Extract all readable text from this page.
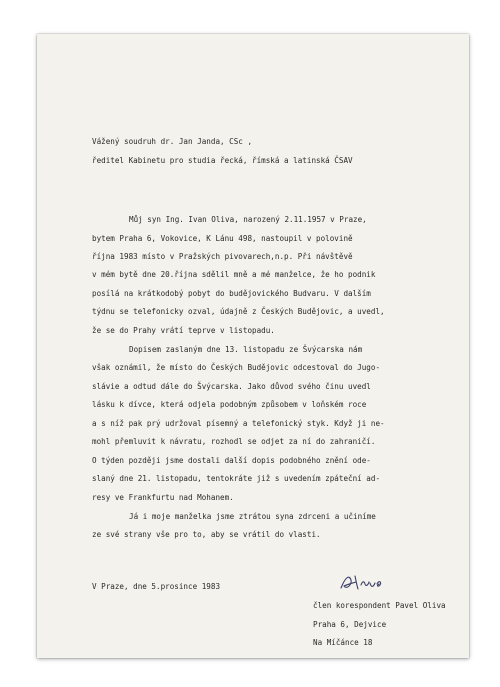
Vážený soudruh dr. Jan Janda, CSc ,
ředitel Kabinetu pro studia řecká, římská a latinská ČSAV
Můj syn Ing. Ivan Oliva, narozený 2.11.1957 v Praze,
bytem Praha 6, Vokovice, K Lánu 498, nastoupil v polovině
října 1983 místo v Pražských pivovarech,n.p. Při návštěvě
v mém bytě dne 20.října sdělil mně a mé manželce, že ho podnik
posílá na krátkodobý pobyt do budějovického Budvaru. V dalším
týdnu se telefonicky ozval, údajně z Českých Budějovic, a uvedl,
že se do Prahy vrátí teprve v listopadu.
Dopisem zaslaným dne 13. listopadu ze Švýcarska nám
však oznámil, že místo do Českých Budějovic odcestoval do Jugo-
slávie a odtud dále do Švýcarska. Jako důvod svého činu uvedl
lásku k dívce, která odjela podobným způsobem v loňském roce
a s níž pak prý udržoval písemný a telefonický styk. Když ji ne-
mohl přemluvit k návratu, rozhodl se odjet za ní do zahraničí.
O týden později jsme dostali další dopis podobného znění ode-
slaný dne 21. listopadu, tentokráte již s uvedením zpáteční ad-
resy ve Frankfurtu nad Mohanem.
Já i moje manželka jsme ztrátou syna zdrceni a učiníme
ze své strany vše pro to, aby se vrátil do vlasti.
V Praze, dne 5.prosince 1983
člen korespondent Pavel Oliva
Praha 6, Dejvice
Na Míčánce 18
